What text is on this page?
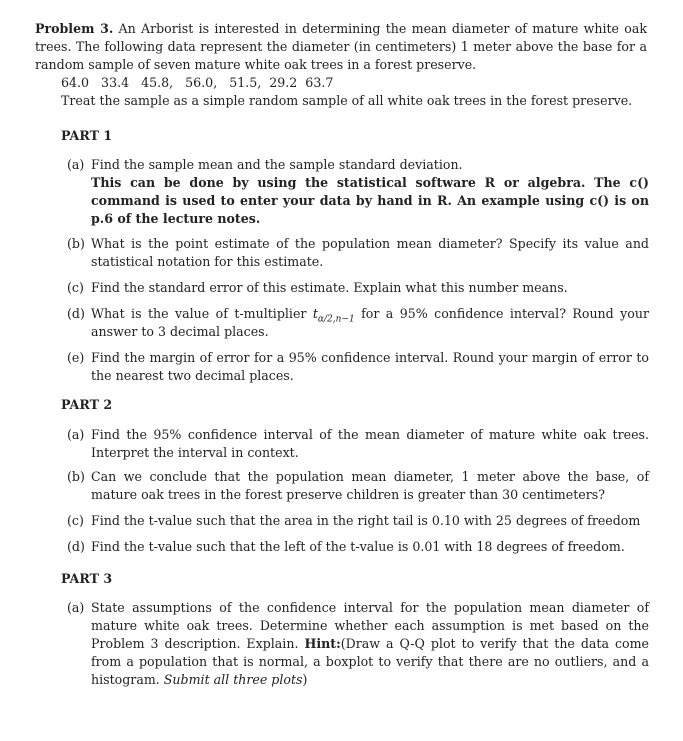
Problem 3. An Arborist is interested in determining the mean diameter of mature white oak trees. The following data represent the diameter (in centimeters) 1 meter above the base for a random sample of seven mature white oak trees in a forest preserve.
64.0   33.4   45.8,   56.0,   51.5,  29.2  63.7
Treat the sample as a simple random sample of all white oak trees in the forest preserve.
PART 1
(a) Find the sample mean and the sample standard deviation.
This can be done by using the statistical software R or algebra. The c() command is used to enter your data by hand in R. An example using c() is on p.6 of the lecture notes.
(b) What is the point estimate of the population mean diameter? Specify its value and statistical notation for this estimate.
(c) Find the standard error of this estimate. Explain what this number means.
(d) What is the value of t-multiplier $t_{\alpha/2,n-1}$ for a 95% confidence interval? Round your answer to 3 decimal places.
(e) Find the margin of error for a 95% confidence interval. Round your margin of error to the nearest two decimal places.
PART 2
(a) Find the 95% confidence interval of the mean diameter of mature white oak trees. Interpret the interval in context.
(b) Can we conclude that the population mean diameter, 1 meter above the base, of mature oak trees in the forest preserve children is greater than 30 centimeters?
(c) Find the t-value such that the area in the right tail is 0.10 with 25 degrees of freedom
(d) Find the t-value such that the left of the t-value is 0.01 with 18 degrees of freedom.
PART 3
(a) State assumptions of the confidence interval for the population mean diameter of mature white oak trees. Determine whether each assumption is met based on the Problem 3 description. Explain. Hint:(Draw a Q-Q plot to verify that the data come from a population that is normal, a boxplot to verify that there are no outliers, and a histogram. Submit all three plots)
